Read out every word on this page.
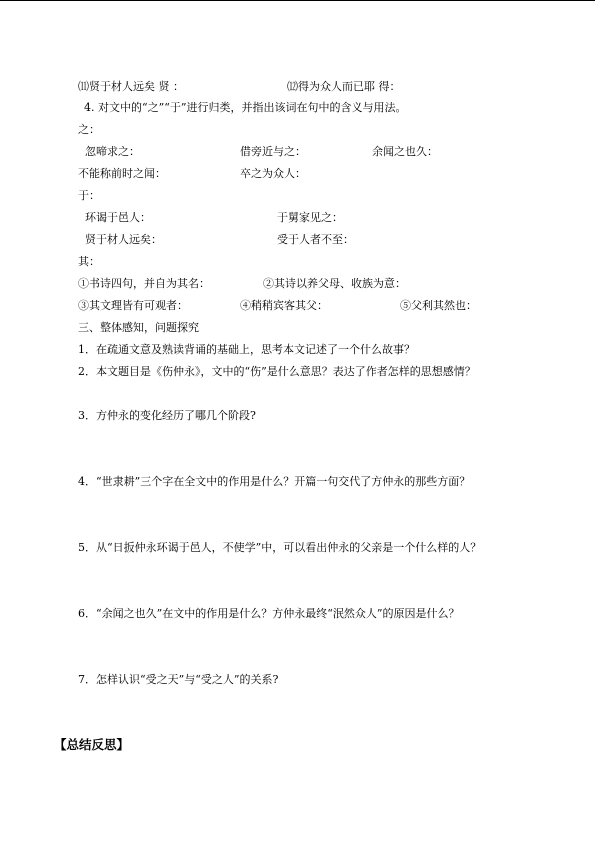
⑾贤于材人远矣 贤 ：	⑿得为众人而已耶 得：
4. 对文中的“之”“于”进行归类，并指出该词在句中的含义与用法。
之：
忽啼求之：	借旁近与之：	余闻之也久：
不能称前时之闻：	卒之为众人：
于：
环谒于邑人：	于舅家见之：
贤于材人远矣：	受于人者不至：
其：
①书诗四句，并自为其名：	②其诗以养父母、收族为意：
③其文理皆有可观者：	④稍稍宾客其父：	⑤父利其然也：
三、整体感知，问题探究
1．在疏通文意及熟读背诵的基础上，思考本文记述了一个什么故事？
2．本文题目是《伤仲永》，文中的“伤”是什么意思？表达了作者怎样的思想感情？
3．方仲永的变化经历了哪几个阶段?
4．“世隶耕”三个字在全文中的作用是什么？开篇一句交代了方仲永的那些方面？
5．从“日扳仲永环谒于邑人，不使学”中，可以看出仲永的父亲是一个什么样的人？
6．“余闻之也久”在文中的作用是什么？方仲永最终“泯然众人”的原因是什么？
7．怎样认识“受之天”与“受之人”的关系?
【总结反思】
